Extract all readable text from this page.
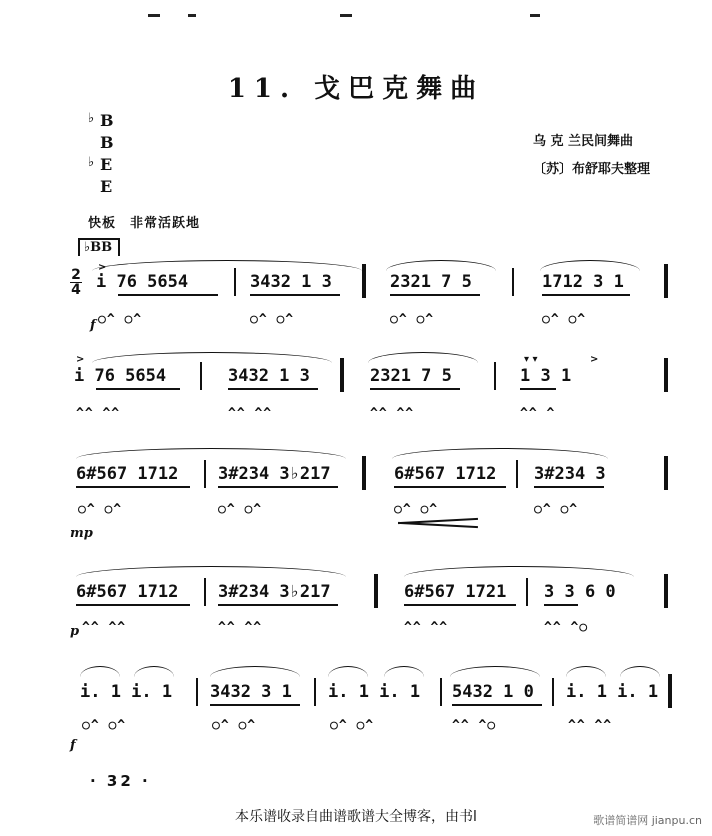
11. 戈巴克舞曲
♭ B
B
♭ E
E
乌 克 兰民间舞曲
〔苏〕布舒耶夫整理
快板 非常活跃地
♭BB
2
4
>
i 76 5654	3432 1 3	2321 7 5	1712 3 1
f ○^ ○^	○^ ○^	○^ ○^	○^ ○^
>
i 76 5654	3432 1 3	2321 7 5
▾ ▾	>
1 3 1
^^ ^^	^^ ^^	^^ ^^	^^ ^
6#567 1712 3#234 3♭217	6#567 1712 3#234 3
○^ ○^	○^ ○^	○^ ○^	○^ ○^
mp
6#567 1712 3#234 3♭217	6#567 1721 3 3 6 0
p ^^ ^^	^^ ^^	^^ ^^	^^ ^○
i. 1 i. 1 3432 3 1 i. 1 i. 1 5432 1 0 i. 1 i. 1
○^ ○^	○^ ○^	○^ ○^	^^ ^○	^^ ^^
f
· 32 ·
本乐谱收录自曲谱歌谱大全博客，由书l	歌谱简谱网 jianpu.cn
